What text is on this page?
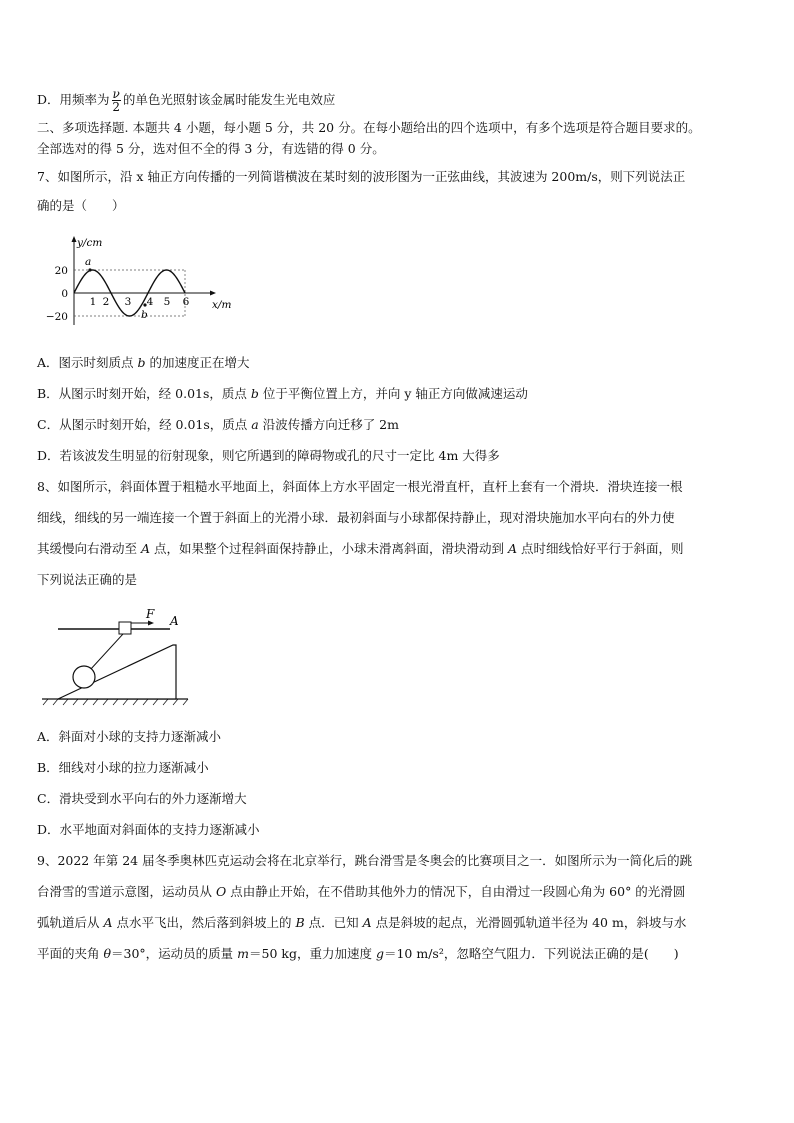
D．用频率为 $\frac{\nu}{2}$ 的单色光照射该金属时能发生光电效应
二、多项选择题. 本题共 4 小题，每小题 5 分，共 20 分。在每小题给出的四个选项中，有多个选项是符合题目要求的。
全部选对的得 5 分，选对但不全的得 3 分，有选错的得 0 分。
7、如图所示，沿 x 轴正方向传播的一列简谐横波在某时刻的波形图为一正弦曲线，其波速为 200m/s，则下列说法正
确的是（　　）
y/cm
x/m
20
0
−20
1 2 3 4 5 6
a
b
A．图示时刻质点 b 的加速度正在增大
B．从图示时刻开始，经 0.01s，质点 b 位于平衡位置上方，并向 y 轴正方向做减速运动
C．从图示时刻开始，经 0.01s，质点 a 沿波传播方向迁移了 2m
D．若该波发生明显的衍射现象，则它所遇到的障碍物或孔的尺寸一定比 4m 大得多
8、如图所示，斜面体置于粗糙水平地面上，斜面体上方水平固定一根光滑直杆，直杆上套有一个滑块．滑块连接一根
细线，细线的另一端连接一个置于斜面上的光滑小球．最初斜面与小球都保持静止，现对滑块施加水平向右的外力使
其缓慢向右滑动至 A 点，如果整个过程斜面保持静止，小球未滑离斜面，滑块滑动到 A 点时细线恰好平行于斜面，则
下列说法正确的是
F A
A．斜面对小球的支持力逐渐减小
B．细线对小球的拉力逐渐减小
C．滑块受到水平向右的外力逐渐增大
D．水平地面对斜面体的支持力逐渐减小
9、2022 年第 24 届冬季奥林匹克运动会将在北京举行，跳台滑雪是冬奥会的比赛项目之一．如图所示为一简化后的跳
台滑雪的雪道示意图，运动员从 O 点由静止开始，在不借助其他外力的情况下，自由滑过一段圆心角为 60° 的光滑圆
弧轨道后从 A 点水平飞出，然后落到斜坡上的 B 点．已知 A 点是斜坡的起点，光滑圆弧轨道半径为 40 m，斜坡与水
平面的夹角 θ＝30°，运动员的质量 m＝50 kg，重力加速度 g＝10 m/s²，忽略空气阻力．下列说法正确的是(　　)
